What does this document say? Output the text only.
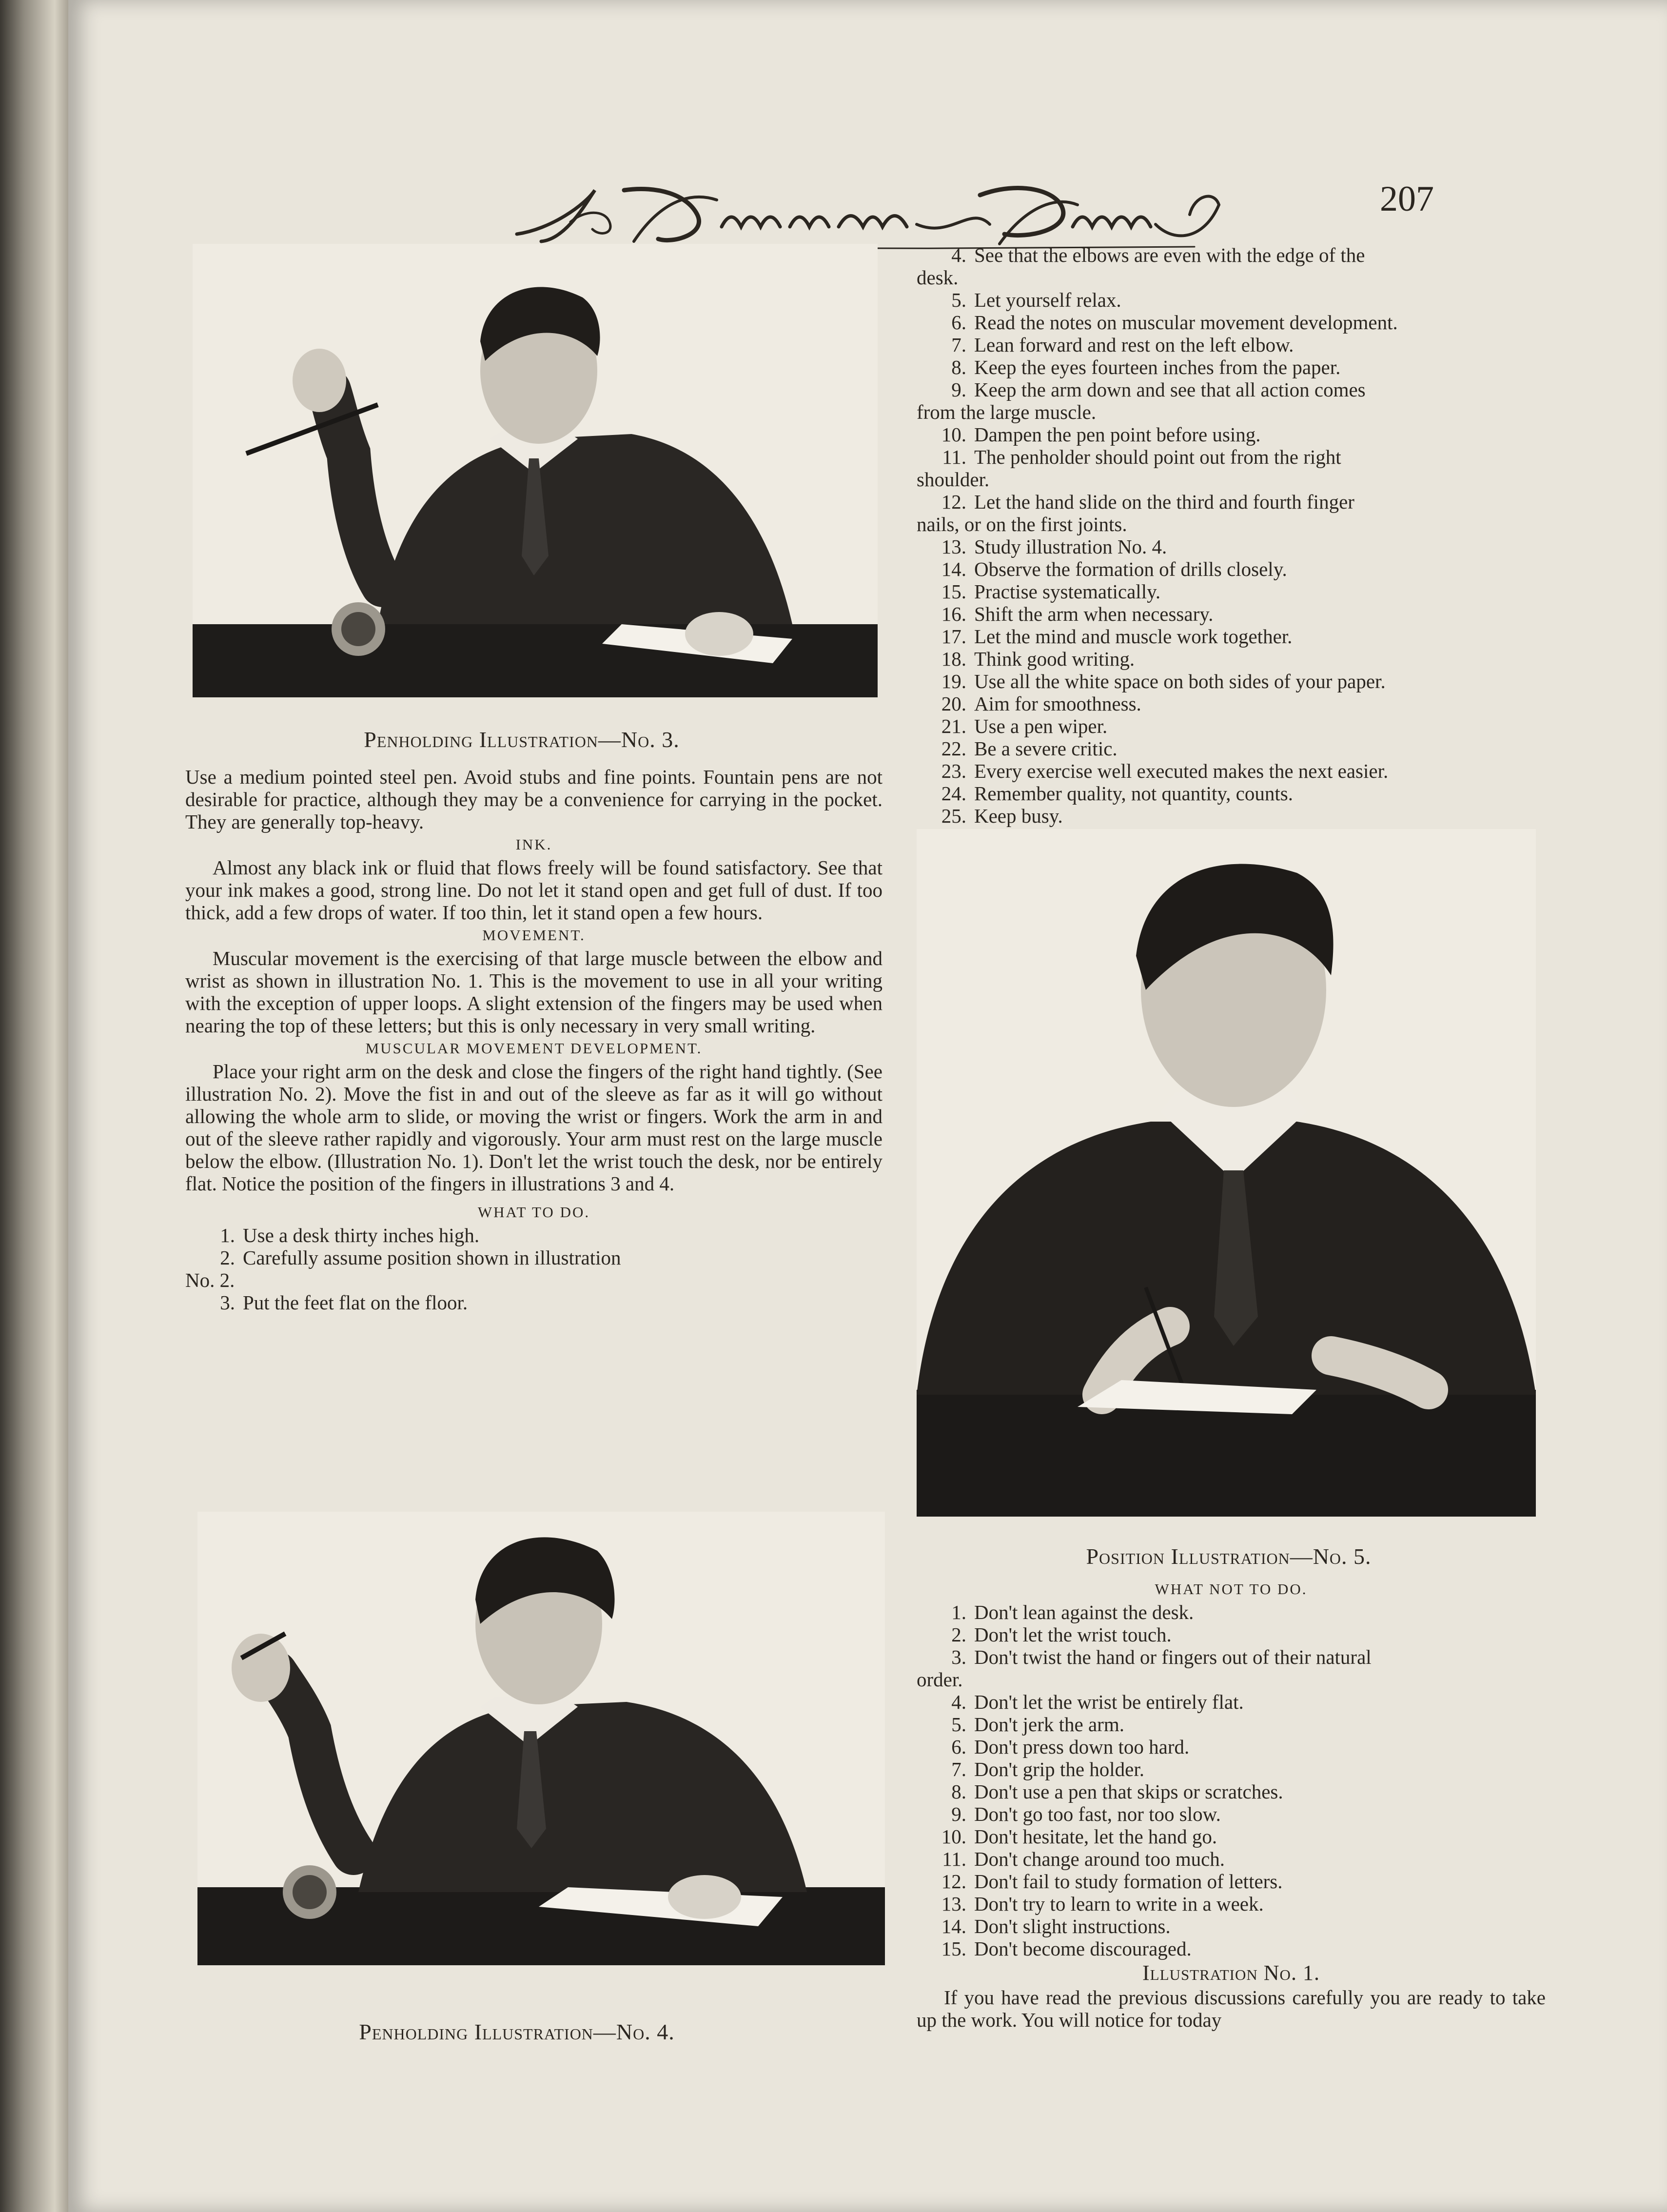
207
Penholding Illustration—No. 3.
Position Illustration—No. 5.
Penholding Illustration—No. 4.

Use a medium pointed steel pen. Avoid stubs and fine points. Fountain pens are not desirable for practice, although they may be a convenience for carrying in the pocket. They are generally top-heavy.

INK.

Almost any black ink or fluid that flows freely will be found satisfactory. See that your ink makes a good, strong line. Do not let it stand open and get full of dust. If too thick, add a few drops of water. If too thin, let it stand open a few hours.

MOVEMENT.

Muscular movement is the exercising of that large muscle between the elbow and wrist as shown in illustration No. 1. This is the movement to use in all your writing with the exception of upper loops. A slight extension of the fingers may be used when nearing the top of these letters; but this is only necessary in very small writing.

MUSCULAR MOVEMENT DEVELOPMENT.

Place your right arm on the desk and close the fingers of the right hand tightly. (See illustration No. 2). Move the fist in and out of the sleeve as far as it will go without allowing the whole arm to slide, or moving the wrist or fingers. Work the arm in and out of the sleeve rather rapidly and vigorously. Your arm must rest on the large muscle below the elbow. (Illustration No. 1). Don't let the wrist touch the desk, nor be entirely flat. Notice the position of the fingers in illustrations 3 and 4.

WHAT TO DO.
1. Use a desk thirty inches high.
2. Carefully assume position shown in illustration
No. 2.
3. Put the feet flat on the floor.
4. See that the elbows are even with the edge of the
desk.
5. Let yourself relax.
6. Read the notes on muscular movement development.
7. Lean forward and rest on the left elbow.
8. Keep the eyes fourteen inches from the paper.
9. Keep the arm down and see that all action comes
from the large muscle.
10. Dampen the pen point before using.
11. The penholder should point out from the right
shoulder.
12. Let the hand slide on the third and fourth finger
nails, or on the first joints.
13. Study illustration No. 4.
14. Observe the formation of drills closely.
15. Practise systematically.
16. Shift the arm when necessary.
17. Let the mind and muscle work together.
18. Think good writing.
19. Use all the white space on both sides of your paper.
20. Aim for smoothness.
21. Use a pen wiper.
22. Be a severe critic.
23. Every exercise well executed makes the next easier.
24. Remember quality, not quantity, counts.
25. Keep busy.
WHAT NOT TO DO.
1. Don't lean against the desk.
2. Don't let the wrist touch.
3. Don't twist the hand or fingers out of their natural
order.
4. Don't let the wrist be entirely flat.
5. Don't jerk the arm.
6. Don't press down too hard.
7. Don't grip the holder.
8. Don't use a pen that skips or scratches.
9. Don't go too fast, nor too slow.
10. Don't hesitate, let the hand go.
11. Don't change around too much.
12. Don't fail to study formation of letters.
13. Don't try to learn to write in a week.
14. Don't slight instructions.
15. Don't become discouraged.
Illustration No. 1.

If you have read the previous discussions carefully you are ready to take up the work. You will notice for today
